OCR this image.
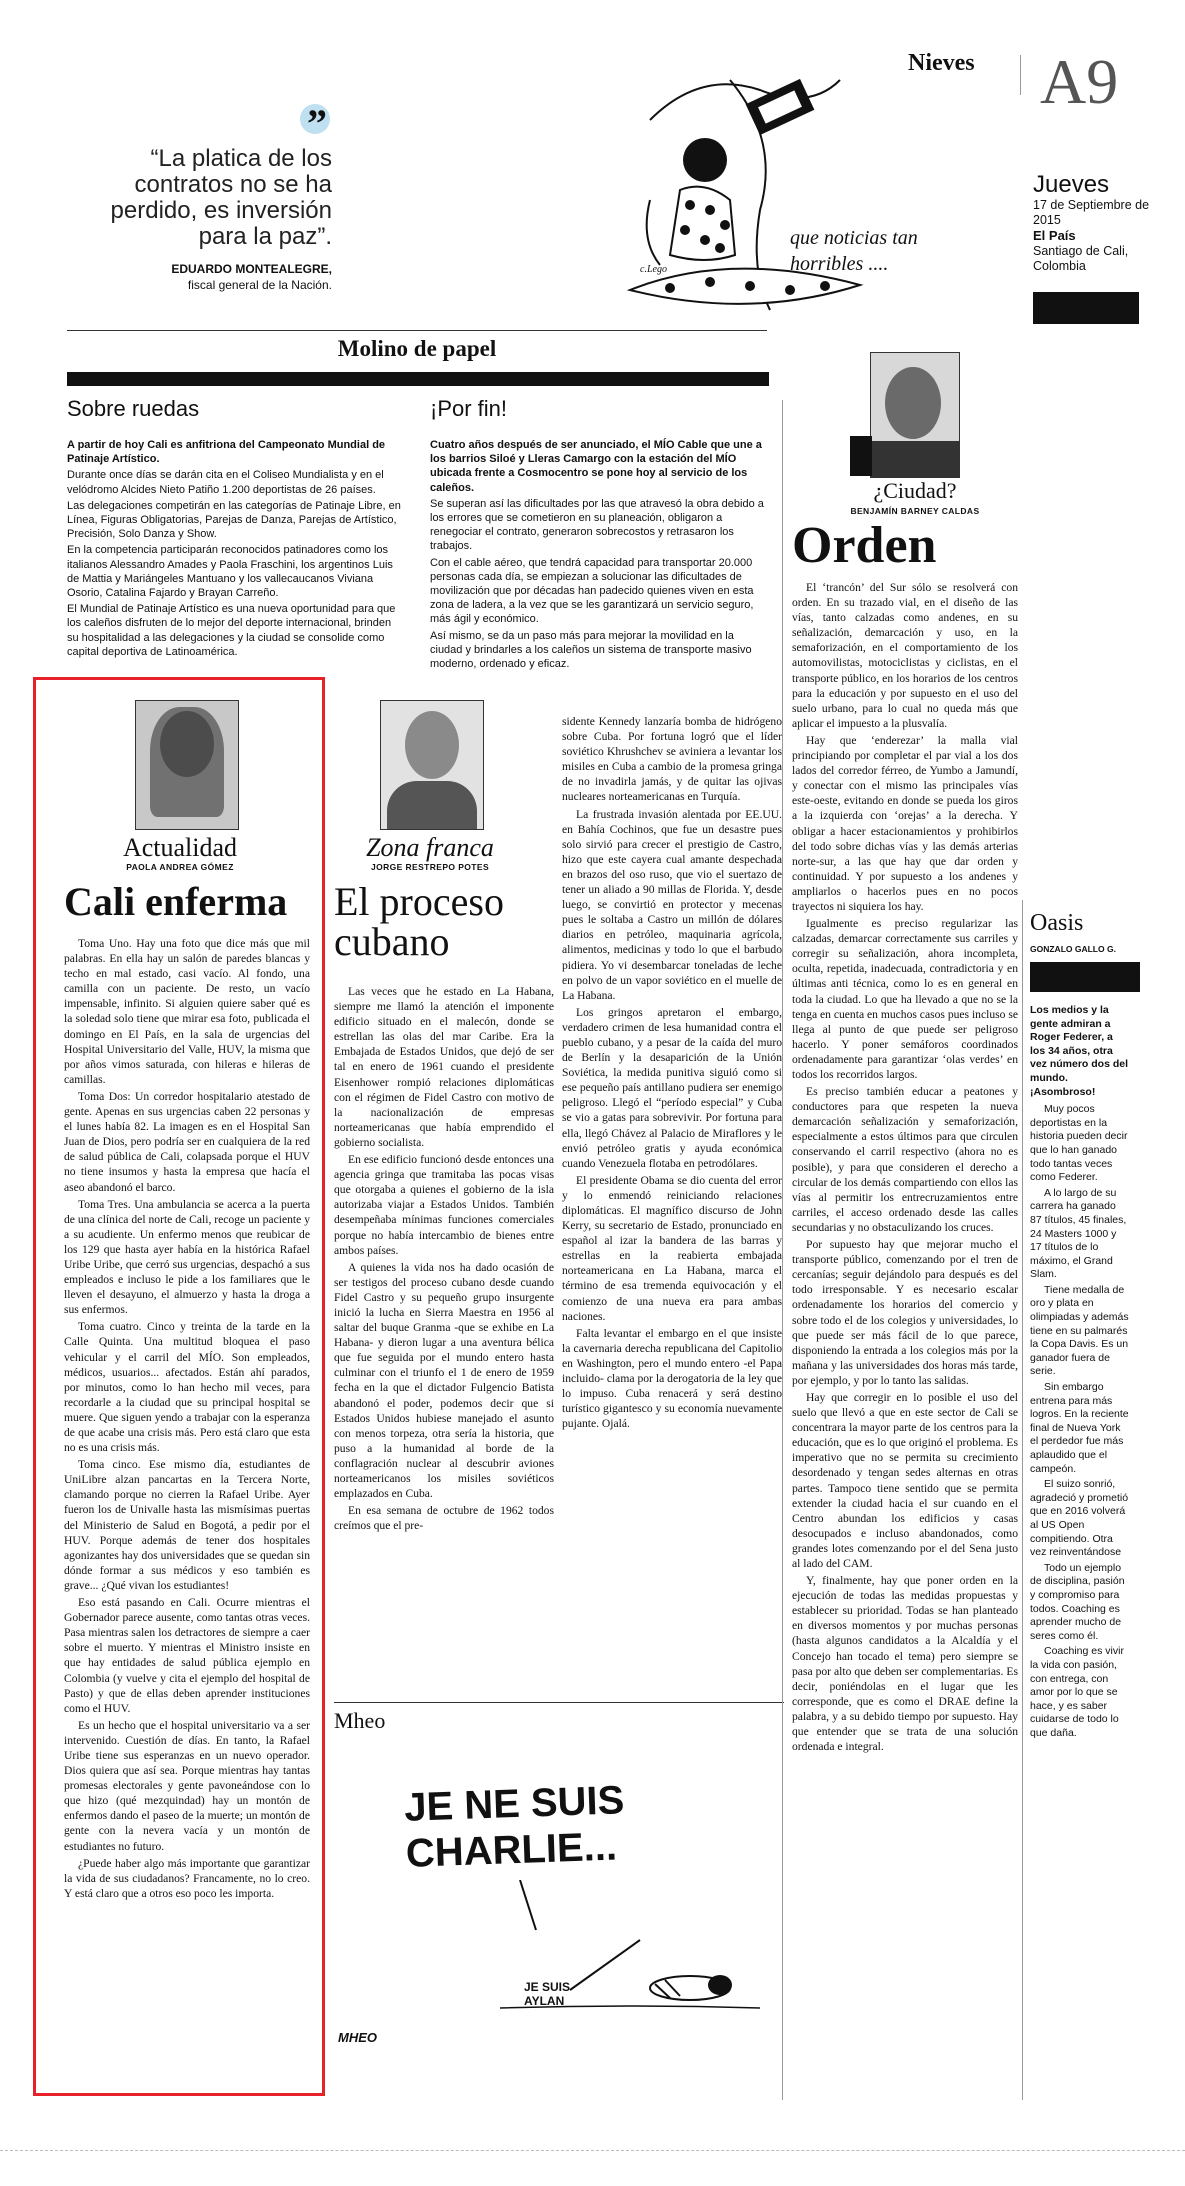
Nieves A9
Jueves
17 de Septiembre de 2015
El País
Santiago de Cali, Colombia
”
“La platica de los contratos no se ha perdido, es inversión para la paz”.
EDUARDO MONTEALEGRE,
fiscal general de la Nación.
que noticias tan horribles ....
c.Lego
Molino de papel
Sobre ruedas

A partir de hoy Cali es anfitriona del Campeonato Mundial de Patinaje Artístico.

Durante once días se darán cita en el Coliseo Mundialista y en el velódromo Alcides Nieto Patiño 1.200 deportistas de 26 países.

Las delegaciones competirán en las categorías de Patinaje Libre, en Línea, Figuras Obligatorias, Parejas de Danza, Parejas de Artístico, Precisión, Solo Danza y Show.

En la competencia participarán reconocidos patinadores como los italianos Alessandro Amades y Paola Fraschini, los argentinos Luis de Mattia y Mariángeles Mantuano y los vallecaucanos Viviana Osorio, Catalina Fajardo y Brayan Carreño.

El Mundial de Patinaje Artístico es una nueva oportunidad para que los caleños disfruten de lo mejor del deporte internacional, brinden su hospitalidad a las delegaciones y la ciudad se consolide como capital deportiva de Latinoamérica.

¡Por fin!

Cuatro años después de ser anunciado, el MÍO Cable que une a los barrios Siloé y Lleras Camargo con la estación del MÍO ubicada frente a Cosmocentro se pone hoy al servicio de los caleños.

Se superan así las dificultades por las que atravesó la obra debido a los errores que se cometieron en su planeación, obligaron a renegociar el contrato, generaron sobrecostos y retrasaron los trabajos.

Con el cable aéreo, que tendrá capacidad para transportar 20.000 personas cada día, se empiezan a solucionar las dificultades de movilización que por décadas han padecido quienes viven en esta zona de ladera, a la vez que se les garantizará un servicio seguro, más ágil y económico.

Así mismo, se da un paso más para mejorar la movilidad en la ciudad y brindarles a los caleños un sistema de transporte masivo moderno, ordenado y eficaz.

¿Ciudad?
BENJAMÍN BARNEY CALDAS
Orden

El ‘trancón’ del Sur sólo se resolverá con orden. En su trazado vial, en el diseño de las vías, tanto calzadas como andenes, en su señalización, demarcación y uso, en la semaforización, en el comportamiento de los automovilistas, motociclistas y ciclistas, en el transporte público, en los horarios de los centros para la educación y por supuesto en el uso del suelo urbano, para lo cual no queda más que aplicar el impuesto a la plusvalía.

Hay que ‘enderezar’ la malla vial principiando por completar el par vial a los dos lados del corredor férreo, de Yumbo a Jamundí, y conectar con el mismo las principales vías este-oeste, evitando en donde se pueda los giros a la izquierda con ‘orejas’ a la derecha. Y obligar a hacer estacionamientos y prohibirlos del todo sobre dichas vías y las demás arterias norte-sur, a las que hay que dar orden y continuidad. Y por supuesto a los andenes y ampliarlos o hacerlos pues en no pocos trayectos ni siquiera los hay.

Igualmente es preciso regularizar las calzadas, demarcar correctamente sus carriles y corregir su señalización, ahora incompleta, oculta, repetida, inadecuada, contradictoria y en últimas anti técnica, como lo es en general en toda la ciudad. Lo que ha llevado a que no se la tenga en cuenta en muchos casos pues incluso se llega al punto de que puede ser peligroso hacerlo. Y poner semáforos coordinados ordenadamente para garantizar ‘olas verdes’ en todos los recorridos largos.

Es preciso también educar a peatones y conductores para que respeten la nueva demarcación señalización y semaforización, especialmente a estos últimos para que circulen conservando el carril respectivo (ahora no es posible), y para que consideren el derecho a circular de los demás compartiendo con ellos las vías al permitir los entrecruzamientos entre carriles, el acceso ordenado desde las calles secundarias y no obstaculizando los cruces.

Por supuesto hay que mejorar mucho el transporte público, comenzando por el tren de cercanías; seguir dejándolo para después es del todo irresponsable. Y es necesario escalar ordenadamente los horarios del comercio y sobre todo el de los colegios y universidades, lo que puede ser más fácil de lo que parece, disponiendo la entrada a los colegios más por la mañana y las universidades dos horas más tarde, por ejemplo, y por lo tanto las salidas.

Hay que corregir en lo posible el uso del suelo que llevó a que en este sector de Cali se concentrara la mayor parte de los centros para la educación, que es lo que originó el problema. Es imperativo que no se permita su crecimiento desordenado y tengan sedes alternas en otras partes. Tampoco tiene sentido que se permita extender la ciudad hacia el sur cuando en el Centro abundan los edificios y casas desocupados e incluso abandonados, como grandes lotes comenzando por el del Sena justo al lado del CAM.

Y, finalmente, hay que poner orden en la ejecución de todas las medidas propuestas y establecer su prioridad. Todas se han planteado en diversos momentos y por muchas personas (hasta algunos candidatos a la Alcaldía y el Concejo han tocado el tema) pero siempre se pasa por alto que deben ser complementarias. Es decir, poniéndolas en el lugar que les corresponde, que es como el DRAE define la palabra, y a su debido tiempo por supuesto. Hay que entender que se trata de una solución ordenada e integral.

Oasis
GONZALO GALLO G.

Los medios y la gente admiran a Roger Federer, a los 34 años, otra vez número dos del mundo. ¡Asombroso!

Muy pocos deportistas en la historia pueden decir que lo han ganado todo tantas veces como Federer.

A lo largo de su carrera ha ganado 87 títulos, 45 finales, 24 Masters 1000 y 17 títulos de lo máximo, el Grand Slam.

Tiene medalla de oro y plata en olimpiadas y además tiene en su palmarés la Copa Davis. Es un ganador fuera de serie.

Sin embargo entrena para más logros. En la reciente final de Nueva York el perdedor fue más aplaudido que el campeón.

El suizo sonrió, agradeció y prometió que en 2016 volverá al US Open compitiendo. Otra vez reinventándose

Todo un ejemplo de disciplina, pasión y compromiso para todos. Coaching es aprender mucho de seres como él.

Coaching es vivir la vida con pasión, con entrega, con amor por lo que se hace, y es saber cuidarse de todo lo que daña.

Actualidad
PAOLA ANDREA GÓMEZ
Cali enferma

Toma Uno. Hay una foto que dice más que mil palabras. En ella hay un salón de paredes blancas y techo en mal estado, casi vacío. Al fondo, una camilla con un paciente. De resto, un vacío impensable, infinito. Si alguien quiere saber qué es la soledad solo tiene que mirar esa foto, publicada el domingo en El País, en la sala de urgencias del Hospital Universitario del Valle, HUV, la misma que por años vimos saturada, con hileras e hileras de camillas.

Toma Dos: Un corredor hospitalario atestado de gente. Apenas en sus urgencias caben 22 personas y el lunes había 82. La imagen es en el Hospital San Juan de Dios, pero podría ser en cualquiera de la red de salud pública de Cali, colapsada porque el HUV no tiene insumos y hasta la empresa que hacía el aseo abandonó el barco.

Toma Tres. Una ambulancia se acerca a la puerta de una clínica del norte de Cali, recoge un paciente y a su acudiente. Un enfermo menos que reubicar de los 129 que hasta ayer había en la histórica Rafael Uribe Uribe, que cerró sus urgencias, despachó a sus empleados e incluso le pide a los familiares que le lleven el desayuno, el almuerzo y hasta la droga a sus enfermos.

Toma cuatro. Cinco y treinta de la tarde en la Calle Quinta. Una multitud bloquea el paso vehicular y el carril del MÍO. Son empleados, médicos, usuarios... afectados. Están ahí parados, por minutos, como lo han hecho mil veces, para recordarle a la ciudad que su principal hospital se muere. Que siguen yendo a trabajar con la esperanza de que acabe una crisis más. Pero está claro que esta no es una crisis más.

Toma cinco. Ese mismo día, estudiantes de UniLibre alzan pancartas en la Tercera Norte, clamando porque no cierren la Rafael Uribe. Ayer fueron los de Univalle hasta las mismísimas puertas del Ministerio de Salud en Bogotá, a pedir por el HUV. Porque además de tener dos hospitales agonizantes hay dos universidades que se quedan sin dónde formar a sus médicos y eso también es grave... ¿Qué vivan los estudiantes!

Eso está pasando en Cali. Ocurre mientras el Gobernador parece ausente, como tantas otras veces. Pasa mientras salen los detractores de siempre a caer sobre el muerto. Y mientras el Ministro insiste en que hay entidades de salud pública ejemplo en Colombia (y vuelve y cita el ejemplo del hospital de Pasto) y que de ellas deben aprender instituciones como el HUV.

Es un hecho que el hospital universitario va a ser intervenido. Cuestión de días. En tanto, la Rafael Uribe tiene sus esperanzas en un nuevo operador. Dios quiera que así sea. Porque mientras hay tantas promesas electorales y gente pavoneándose con lo que hizo (qué mezquindad) hay un montón de enfermos dando el paseo de la muerte; un montón de gente con la nevera vacía y un montón de estudiantes no futuro.

¿Puede haber algo más importante que garantizar la vida de sus ciudadanos? Francamente, no lo creo. Y está claro que a otros eso poco les importa.

Zona franca
JORGE RESTREPO POTES
El proceso cubano

Las veces que he estado en La Habana, siempre me llamó la atención el imponente edificio situado en el malecón, donde se estrellan las olas del mar Caribe. Era la Embajada de Estados Unidos, que dejó de ser tal en enero de 1961 cuando el presidente Eisenhower rompió relaciones diplomáticas con el régimen de Fidel Castro con motivo de la nacionalización de empresas norteamericanas que había emprendido el gobierno socialista.

En ese edificio funcionó desde entonces una agencia gringa que tramitaba las pocas visas que otorgaba a quienes el gobierno de la isla autorizaba viajar a Estados Unidos. También desempeñaba mínimas funciones comerciales porque no había intercambio de bienes entre ambos países.

A quienes la vida nos ha dado ocasión de ser testigos del proceso cubano desde cuando Fidel Castro y su pequeño grupo insurgente inició la lucha en Sierra Maestra en 1956 al saltar del buque Granma -que se exhibe en La Habana- y dieron lugar a una aventura bélica que fue seguida por el mundo entero hasta culminar con el triunfo el 1 de enero de 1959 fecha en la que el dictador Fulgencio Batista abandonó el poder, podemos decir que si Estados Unidos hubiese manejado el asunto con menos torpeza, otra sería la historia, que puso a la humanidad al borde de la conflagración nuclear al descubrir aviones norteamericanos los misiles soviéticos emplazados en Cuba.

En esa semana de octubre de 1962 todos creímos que el pre-

sidente Kennedy lanzaría bomba de hidrógeno sobre Cuba. Por fortuna logró que el líder soviético Khrushchev se aviniera a levantar los misiles en Cuba a cambio de la promesa gringa de no invadirla jamás, y de quitar las ojivas nucleares norteamericanas en Turquía.

La frustrada invasión alentada por EE.UU. en Bahía Cochinos, que fue un desastre pues solo sirvió para crecer el prestigio de Castro, hizo que este cayera cual amante despechada en brazos del oso ruso, que vio el suertazo de tener un aliado a 90 millas de Florida. Y, desde luego, se convirtió en protector y mecenas pues le soltaba a Castro un millón de dólares diarios en petróleo, maquinaria agrícola, alimentos, medicinas y todo lo que el barbudo pidiera. Yo vi desembarcar toneladas de leche en polvo de un vapor soviético en el muelle de La Habana.

Los gringos apretaron el embargo, verdadero crimen de lesa humanidad contra el pueblo cubano, y a pesar de la caída del muro de Berlín y la desaparición de la Unión Soviética, la medida punitiva siguió como si ese pequeño país antillano pudiera ser enemigo peligroso. Llegó el “período especial” y Cuba se vio a gatas para sobrevivir. Por fortuna para ella, llegó Chávez al Palacio de Miraflores y le envió petróleo gratis y ayuda económica cuando Venezuela flotaba en petrodólares.

El presidente Obama se dio cuenta del error y lo enmendó reiniciando relaciones diplomáticas. El magnífico discurso de John Kerry, su secretario de Estado, pronunciado en español al izar la bandera de las barras y estrellas en la reabierta embajada norteamericana en La Habana, marca el término de esa tremenda equivocación y el comienzo de una nueva era para ambas naciones.

Falta levantar el embargo en el que insiste la cavernaria derecha republicana del Capitolio en Washington, pero el mundo entero -el Papa incluido- clama por la derogatoria de la ley que lo impuso. Cuba renacerá y será destino turístico gigantesco y su economía nuevamente pujante. Ojalá.

Mheo
JE NE SUIS CHARLIE...
JE SUIS AYLAN
MHEO
